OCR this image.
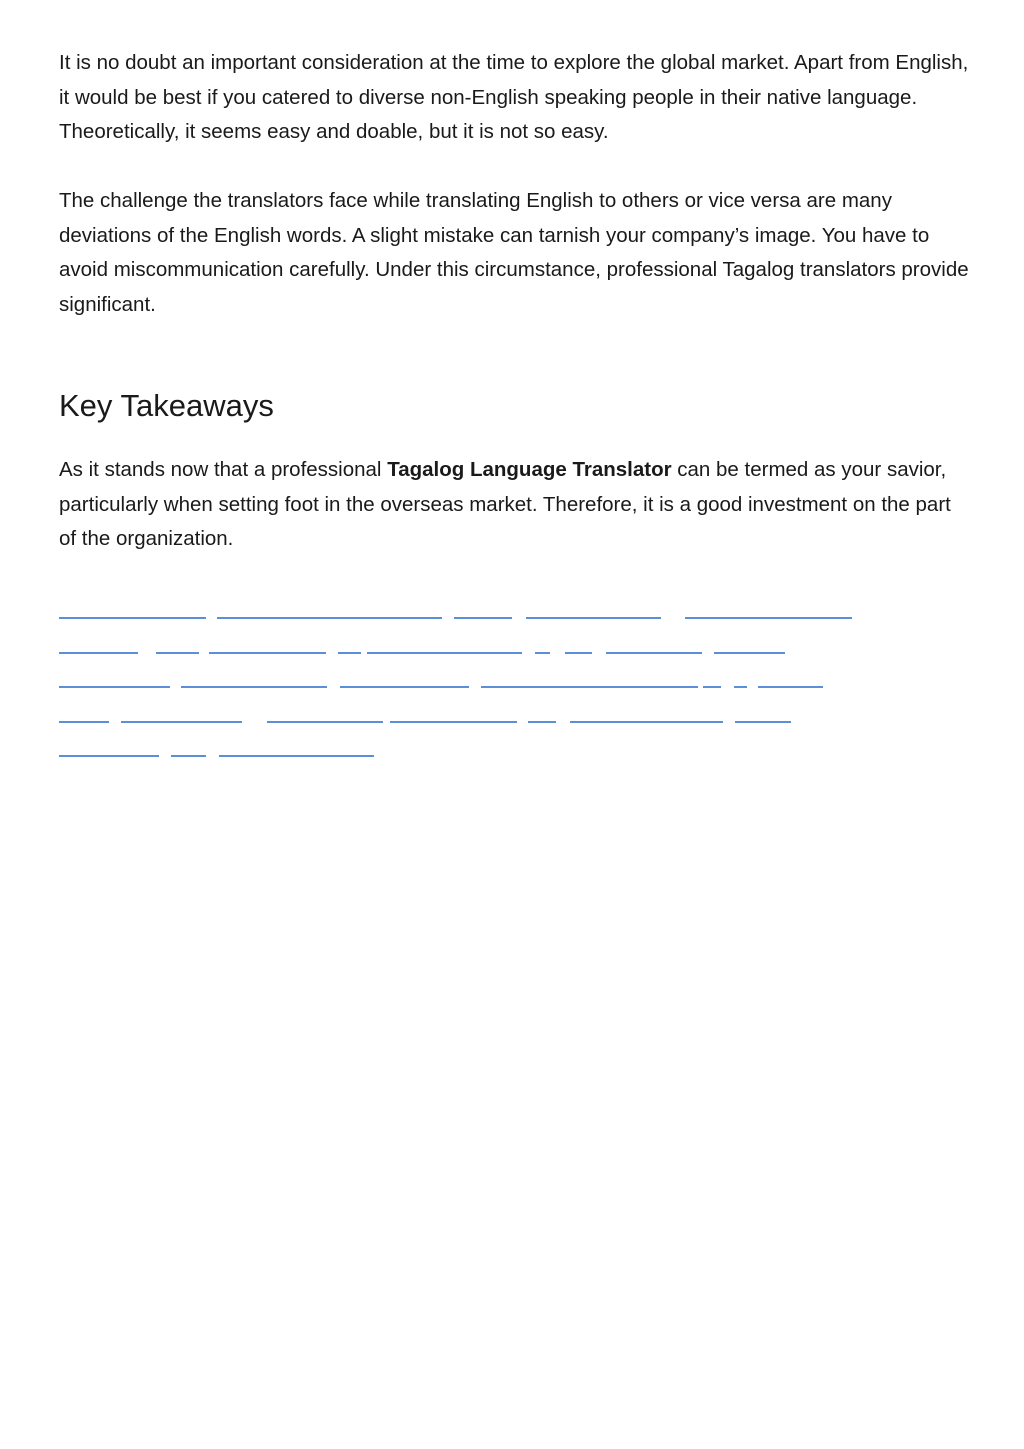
It is no doubt an important consideration at the time to explore the global market. Apart from English, it would be best if you catered to diverse non-English speaking people in their native language. Theoretically, it seems easy and doable, but it is not so easy.

The challenge the translators face while translating English to others or vice versa are many deviations of the English words. A slight mistake can tarnish your company’s image. You have to avoid miscommunication carefully. Under this circumstance, professional Tagalog translators provide significant.

Key Takeaways

As it stands now that a professional Tagalog Language Translator can be termed as your savior, particularly when setting foot in the overseas market. Therefore, it is a good investment on the part of the organization.
